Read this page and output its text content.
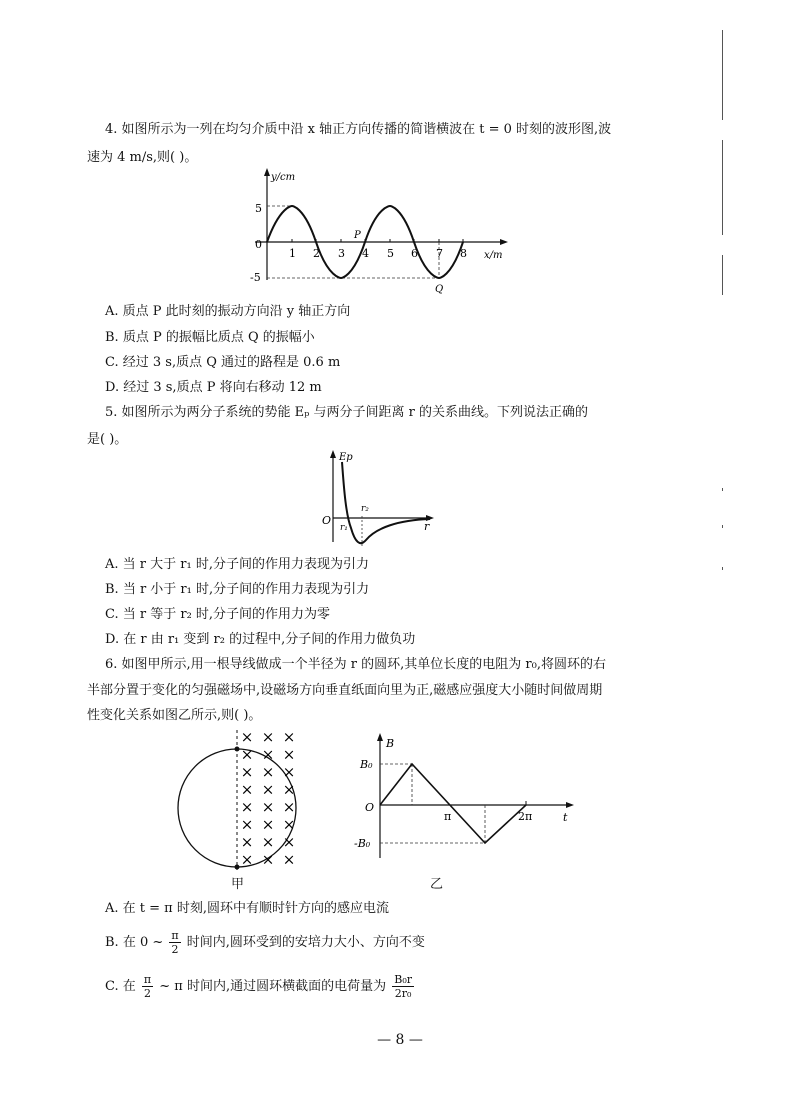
4. 如图所示为一列在均匀介质中沿 x 轴正方向传播的简谐横波在 t = 0 时刻的波形图,波
速为 4 m/s,则( )。
y/cm
x/m
0
5
-5
1 2 3 4 5 6 7 8
P
Q
A. 质点 P 此时刻的振动方向沿 y 轴正方向
B. 质点 P 的振幅比质点 Q 的振幅小
C. 经过 3 s,质点 Q 通过的路程是 0.6 m
D. 经过 3 s,质点 P 将向右移动 12 m
5. 如图所示为两分子系统的势能 Eₚ 与两分子间距离 r 的关系曲线。下列说法正确的
是( )。
Ep
O
r₁
r₂
r
A. 当 r 大于 r₁ 时,分子间的作用力表现为引力
B. 当 r 小于 r₁ 时,分子间的作用力表现为引力
C. 当 r 等于 r₂ 时,分子间的作用力为零
D. 在 r 由 r₁ 变到 r₂ 的过程中,分子间的作用力做负功
6. 如图甲所示,用一根导线做成一个半径为 r 的圆环,其单位长度的电阻为 r₀,将圆环的右
半部分置于变化的匀强磁场中,设磁场方向垂直纸面向里为正,磁感应强度大小随时间做周期
性变化关系如图乙所示,则( )。
× × ×
× × ×
× × ×
× × ×
× × ×
× × ×
× × ×
× × ×
甲
B
t
O
B₀
-B₀
π	2π
乙
A. 在 t = π 时刻,圆环中有顺时针方向的感应电流
B. 在 0 ~ $\frac{\pi}{2}$ 时间内,圆环受到的安培力大小、方向不变
C. 在 $\frac{\pi}{2}$ ~ π 时间内,通过圆环横截面的电荷量为 $\frac{\text{B₀r}}{\text{2r₀}}$
— 8 —
